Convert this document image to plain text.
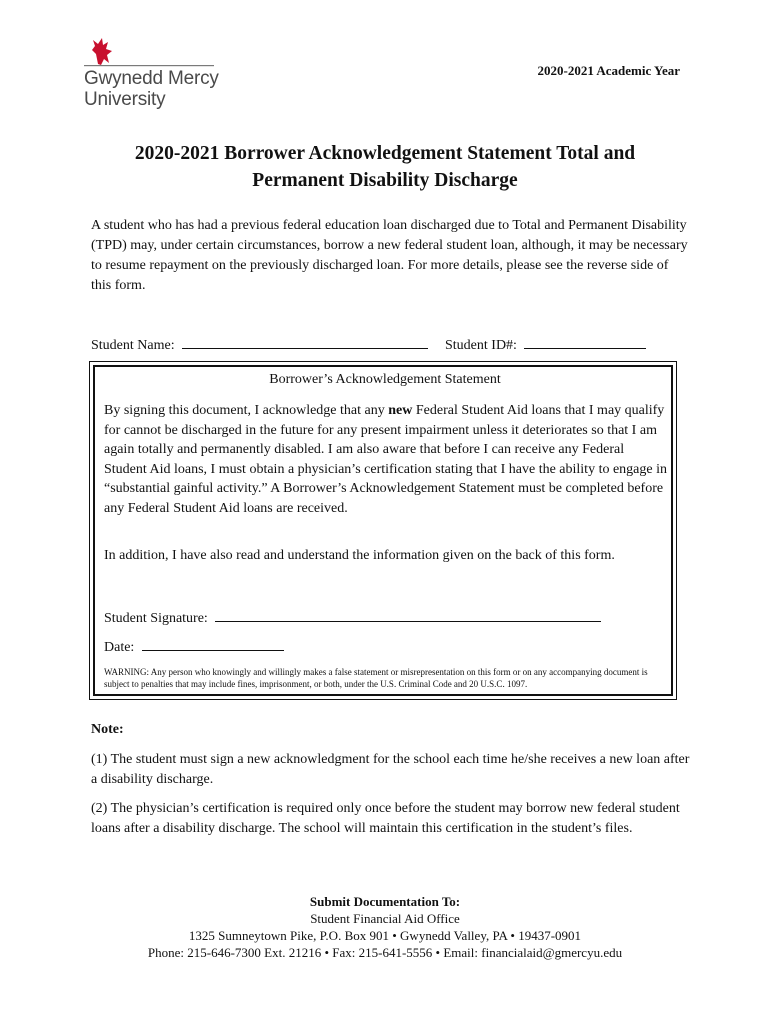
Gwynedd Mercy
University
2020-2021 Academic Year
2020-2021 Borrower Acknowledgement Statement Total and
Permanent Disability Discharge
A student who has had a previous federal education loan discharged due to Total and Permanent Disability (TPD) may, under certain circumstances, borrow a new federal student loan, although, it may be necessary to resume repayment on the previously discharged loan. For more details, please see the reverse side of this form.
Student Name:	Student ID#:
Borrower’s Acknowledgement Statement
By signing this document, I acknowledge that any new Federal Student Aid loans that I may qualify for cannot be discharged in the future for any present impairment unless it deteriorates so that I am again totally and permanently disabled. I am also aware that before I can receive any Federal Student Aid loans, I must obtain a physician’s certification stating that I have the ability to engage in “substantial gainful activity.” A Borrower’s Acknowledgement Statement must be completed before any Federal Student Aid loans are received.
In addition, I have also read and understand the information given on the back of this form.
Student Signature:
Date:
WARNING: Any person who knowingly and willingly makes a false statement or misrepresentation on this form or on any accompanying document is subject to penalties that may include fines, imprisonment, or both, under the U.S. Criminal Code and 20 U.S.C. 1097.
Note:
(1) The student must sign a new acknowledgment for the school each time he/she receives a new loan after a disability discharge.
(2) The physician’s certification is required only once before the student may borrow new federal student loans after a disability discharge. The school will maintain this certification in the student’s files.
Submit Documentation To:
Student Financial Aid Office
1325 Sumneytown Pike, P.O. Box 901 • Gwynedd Valley, PA • 19437-0901
Phone: 215-646-7300 Ext. 21216 • Fax: 215-641-5556 • Email: financialaid@gmercyu.edu
